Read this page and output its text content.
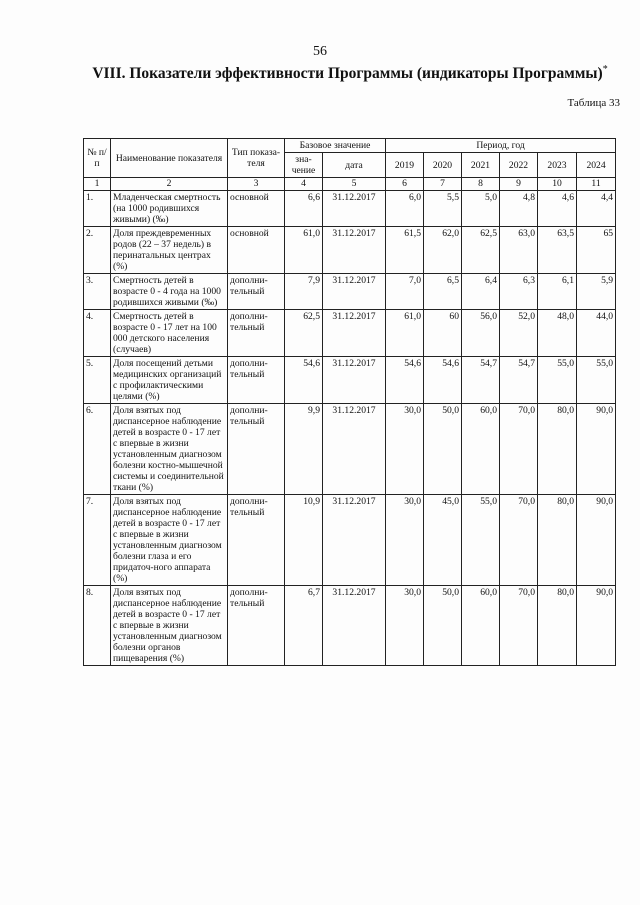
56
VIII. Показатели эффективности Программы (индикаторы Программы)*
Таблица 33
№ п/п	Наименование показателя	Тип показа-теля	Базовое значение		Период, год					
			зна-чение	дата	2019	2020	2021	2022	2023	2024
1	2	3	4	5	6	7	8	9	10	11
1.	Младенческая смертность (на 1000 родившихся живыми) (‰)	основной	6,6	31.12.2017	6,0	5,5	5,0	4,8	4,6	4,4
2.	Доля преждевременных родов (22 – 37 недель) в перинатальных центрах (%)	основной	61,0	31.12.2017	61,5	62,0	62,5	63,0	63,5	65
3.	Смертность детей в возрасте 0 - 4 года на 1000 родившихся живыми (‰)	дополни-тельный	7,9	31.12.2017	7,0	6,5	6,4	6,3	6,1	5,9
4.	Смертность детей в возрасте 0 - 17 лет на 100 000 детского населения (случаев)	дополни-тельный	62,5	31.12.2017	61,0	60	56,0	52,0	48,0	44,0
5.	Доля посещений детьми медицинских организаций с профилактическими целями (%)	дополни-тельный	54,6	31.12.2017	54,6	54,6	54,7	54,7	55,0	55,0
6.	Доля взятых под диспансерное наблюдение детей в возрасте 0 - 17 лет с впервые в жизни установленным диагнозом болезни костно-мышечной системы и соединительной ткани (%)	дополни-тельный	9,9	31.12.2017	30,0	50,0	60,0	70,0	80,0	90,0
7.	Доля взятых под диспансерное наблюдение детей в возрасте 0 - 17 лет с впервые в жизни установленным диагнозом болезни глаза и его придаточ-ного аппарата (%)	дополни-тельный	10,9	31.12.2017	30,0	45,0	55,0	70,0	80,0	90,0
8.	Доля взятых под диспансерное наблюдение детей в возрасте 0 - 17 лет с впервые в жизни установленным диагнозом болезни органов пищеварения (%)	дополни-тельный	6,7	31.12.2017	30,0	50,0	60,0	70,0	80,0	90,0
